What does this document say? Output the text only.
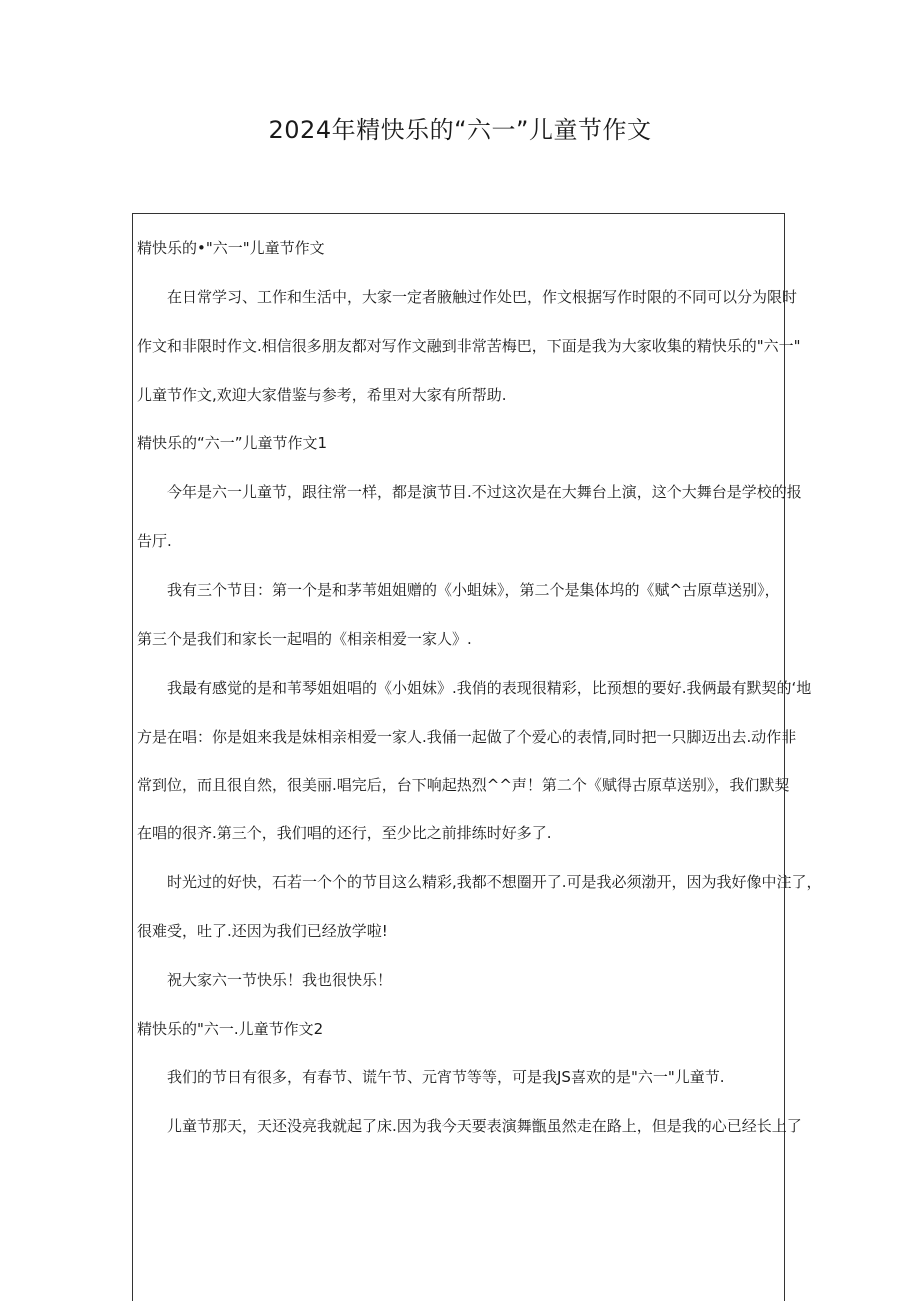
2024年精快乐的“六一”儿童节作文
精快乐的•"六一"儿童节作文
在日常学习、工作和生活中，大家一定者腋触过作处巴，作文根据写作时限的不同可以分为限时
作文和非限时作文.相信很多朋友都对写作文融到非常苦梅巴，下面是我为大家收集的精快乐的"六一"
儿童节作文,欢迎大家借鉴与参考，希里对大家有所帮助.
精快乐的“六一”儿童节作文1
今年是六一儿童节，跟往常一样，都是演节目.不过这次是在大舞台上演，这个大舞台是学校的报
告厅.
我有三个节目：第一个是和茅苇姐姐赠的《小蛆妹》，第二个是集体坞的《赋^古原草送别》，
第三个是我们和家长一起唱的《相亲相爱一家人》.
我最有感觉的是和苇琴姐姐唱的《小姐妹》.我俏的表现很精彩，比预想的要好.我俩最有默契的‘地
方是在唱：你是姐来我是妹相亲相爱一家人.我俑一起做了个爱心的表情,同时把一只脚迈出去.动作非
常到位，而且很自然，很美丽.唱完后，台下响起热烈^^声！第二个《赋得古原草送别》，我们默契
在唱的很齐.第三个，我们唱的还行，至少比之前排练时好多了.
时光过的好快，石若一个个的节目这么精彩,我都不想圈开了.可是我必须渤开，因为我好像中注了，
很难受，吐了.还因为我们已经放学啦!
祝大家六一节快乐！我也很快乐！
精快乐的"六一.儿童节作文2
我们的节日有很多，有春节、谎午节、元宵节等等，可是我JS喜欢的是"六一"儿童节.
儿童节那天，天还没亮我就起了床.因为我今天要表演舞甑虽然走在路上，但是我的心已经长上了
